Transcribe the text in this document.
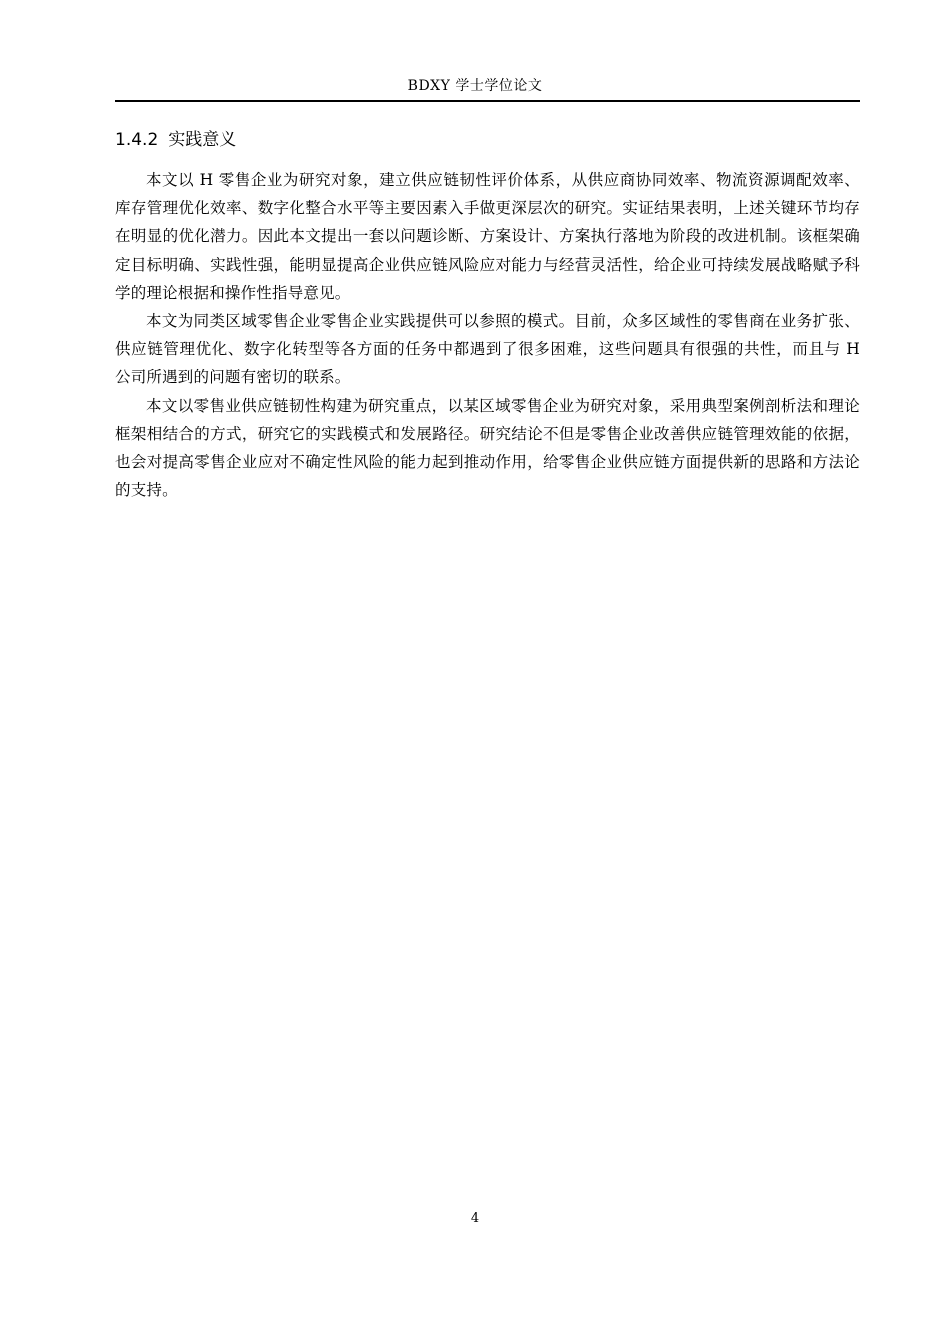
BDXY 学士学位论文
1.4.2 实践意义

本文以 H 零售企业为研究对象，建立供应链韧性评价体系，从供应商协同效率、物流资源调配效率、库存管理优化效率、数字化整合水平等主要因素入手做更深层次的研究。实证结果表明，上述关键环节均存在明显的优化潜力。因此本文提出一套以问题诊断、方案设计、方案执行落地为阶段的改进机制。该框架确定目标明确、实践性强，能明显提高企业供应链风险应对能力与经营灵活性，给企业可持续发展战略赋予科学的理论根据和操作性指导意见。

本文为同类区域零售企业零售企业实践提供可以参照的模式。目前，众多区域性的零售商在业务扩张、供应链管理优化、数字化转型等各方面的任务中都遇到了很多困难，这些问题具有很强的共性，而且与 H 公司所遇到的问题有密切的联系。

本文以零售业供应链韧性构建为研究重点，以某区域零售企业为研究对象，采用典型案例剖析法和理论框架相结合的方式，研究它的实践模式和发展路径。研究结论不但是零售企业改善供应链管理效能的依据，也会对提高零售企业应对不确定性风险的能力起到推动作用，给零售企业供应链方面提供新的思路和方法论的支持。

4
